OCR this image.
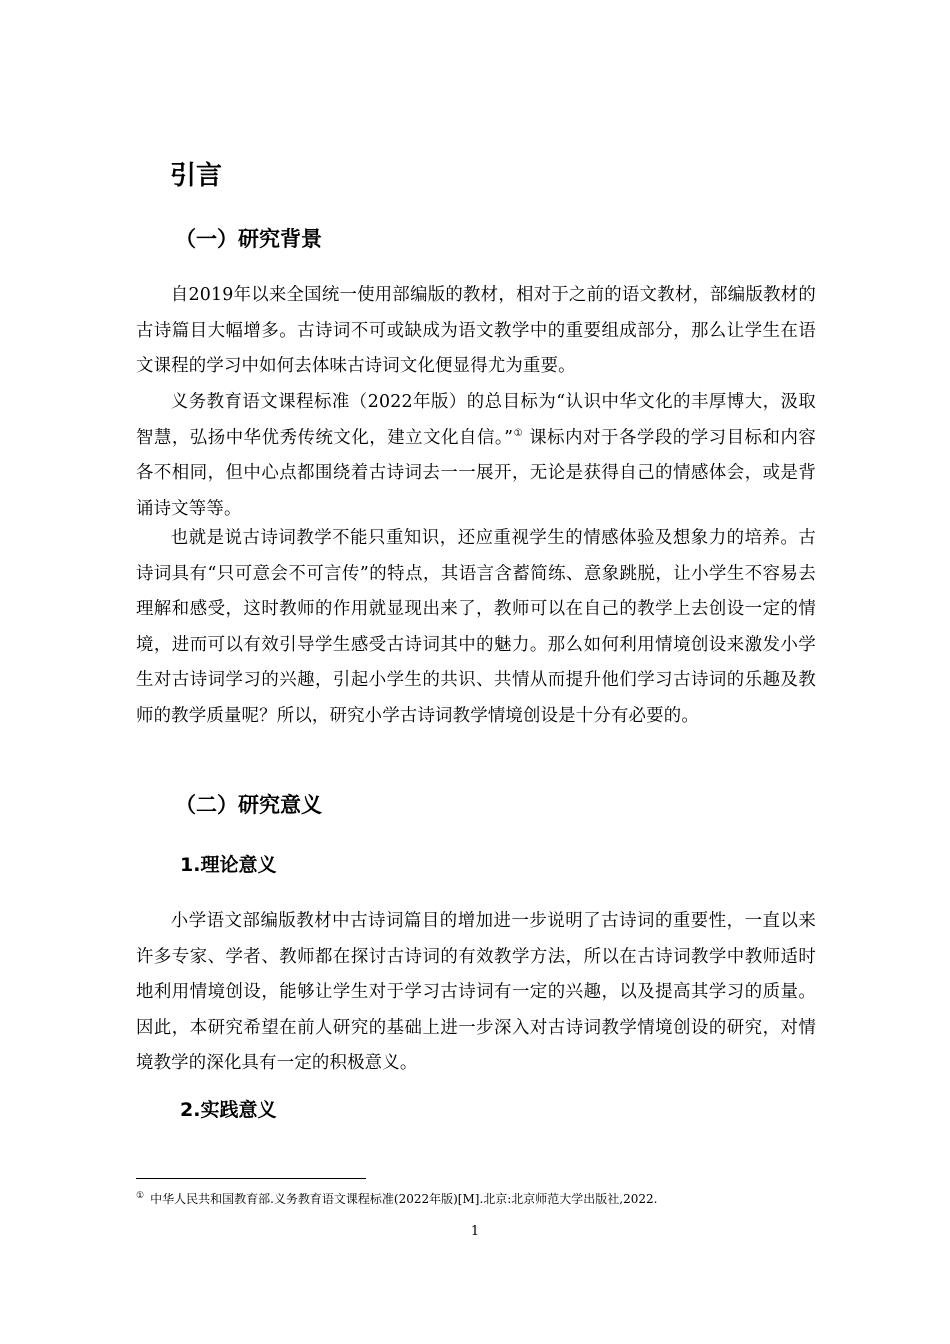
引言
（一）研究背景

自2019年以来全国统一使用部编版的教材，相对于之前的语文教材，部编版教材的古诗篇目大幅增多。古诗词不可或缺成为语文教学中的重要组成部分，那么让学生在语文课程的学习中如何去体味古诗词文化便显得尤为重要。

义务教育语文课程标准（2022年版）的总目标为“认识中华文化的丰厚博大，汲取智慧，弘扬中华优秀传统文化，建立文化自信。”① 课标内对于各学段的学习目标和内容各不相同，但中心点都围绕着古诗词去一一展开，无论是获得自己的情感体会，或是背诵诗文等等。

也就是说古诗词教学不能只重知识，还应重视学生的情感体验及想象力的培养。古诗词具有“只可意会不可言传”的特点，其语言含蓄简练、意象跳脱，让小学生不容易去理解和感受，这时教师的作用就显现出来了，教师可以在自己的教学上去创设一定的情境，进而可以有效引导学生感受古诗词其中的魅力。那么如何利用情境创设来激发小学生对古诗词学习的兴趣，引起小学生的共识、共情从而提升他们学习古诗词的乐趣及教师的教学质量呢？所以，研究小学古诗词教学情境创设是十分有必要的。

（二）研究意义
1.理论意义

小学语文部编版教材中古诗词篇目的增加进一步说明了古诗词的重要性，一直以来许多专家、学者、教师都在探讨古诗词的有效教学方法，所以在古诗词教学中教师适时地利用情境创设，能够让学生对于学习古诗词有一定的兴趣，以及提高其学习的质量。因此，本研究希望在前人研究的基础上进一步深入对古诗词教学情境创设的研究，对情境教学的深化具有一定的积极意义。

2.实践意义
① 中华人民共和国教育部.义务教育语文课程标准(2022年版)[M].北京:北京师范大学出版社,2022.
1
